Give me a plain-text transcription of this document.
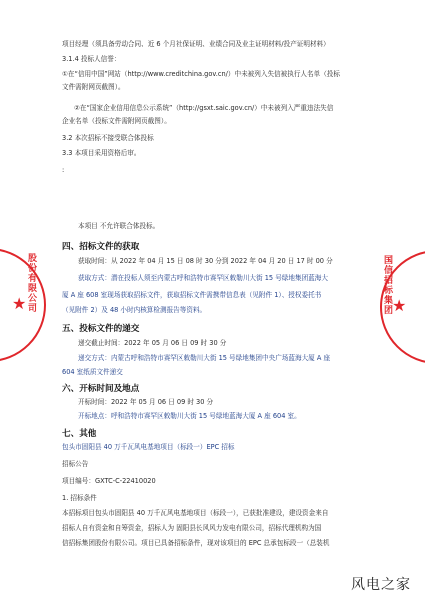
项目经理（须具备劳动合同、近 6 个月社保证明、业绩合同及业主证明材料/投产证明材料）
3.1.4 投标人信誉：
①在“信用中国”网站（http://www.creditchina.gov.cn/）中未被列入失信被执行人名单（投标
文件需附网页截图）。
②在“国家企业信用信息公示系统”（http://gsxt.saic.gov.cn/）中未被列入严重违法失信
企业名单（投标文件需附网页截图）。
3.2 本次招标不接受联合体投标
3.3 本项目采用资格后审。
:
本项目 不允许联合体投标。
四、招标文件的获取
获取时间：从 2022 年 04 月 15 日 08 时 30 分到 2022 年 04 月 20 日 17 时 00 分
获取方式：潜在投标人须至内蒙古呼和浩特市赛罕区敕勒川大街 15 号绿地集团蓝海大
厦 A 座 608 室现场获取招标文件，获取招标文件需携带信息表（见附件 1）、授权委托书
（见附件 2）及 48 小时内核算检测报告等资料。
五、投标文件的递交
递交截止时间：2022 年 05 月 06 日 09 时 30 分
递交方式：内蒙古呼和浩特市赛罕区敕勒川大街 15 号绿地集团中央广场蓝海大厦 A 座
604 室纸质文件递交
六、开标时间及地点
开标时间：2022 年 05 月 06 日 09 时 30 分
开标地点：呼和浩特市赛罕区敕勒川大街 15 号绿地蓝海大厦 A 座 604 室。
七、其他
包头市固阳县 40 万千瓦风电基地项目（标段一）EPC 招标
招标公告
项目编号：GXTC-C-22410020
1. 招标条件
本招标项目包头市固阳县 40 万千瓦风电基地项目（标段一），已获批准建设，建设资金来自
招标人自有资金和自筹资金，招标人为 固阳县长风风力发电有限公司，招标代理机构为国
信招标集团股份有限公司。项目已具备招标条件，现对该项目的 EPC 总承包标段一（总装机
★
股份有限公司	★
国信招标集团
风电之家
